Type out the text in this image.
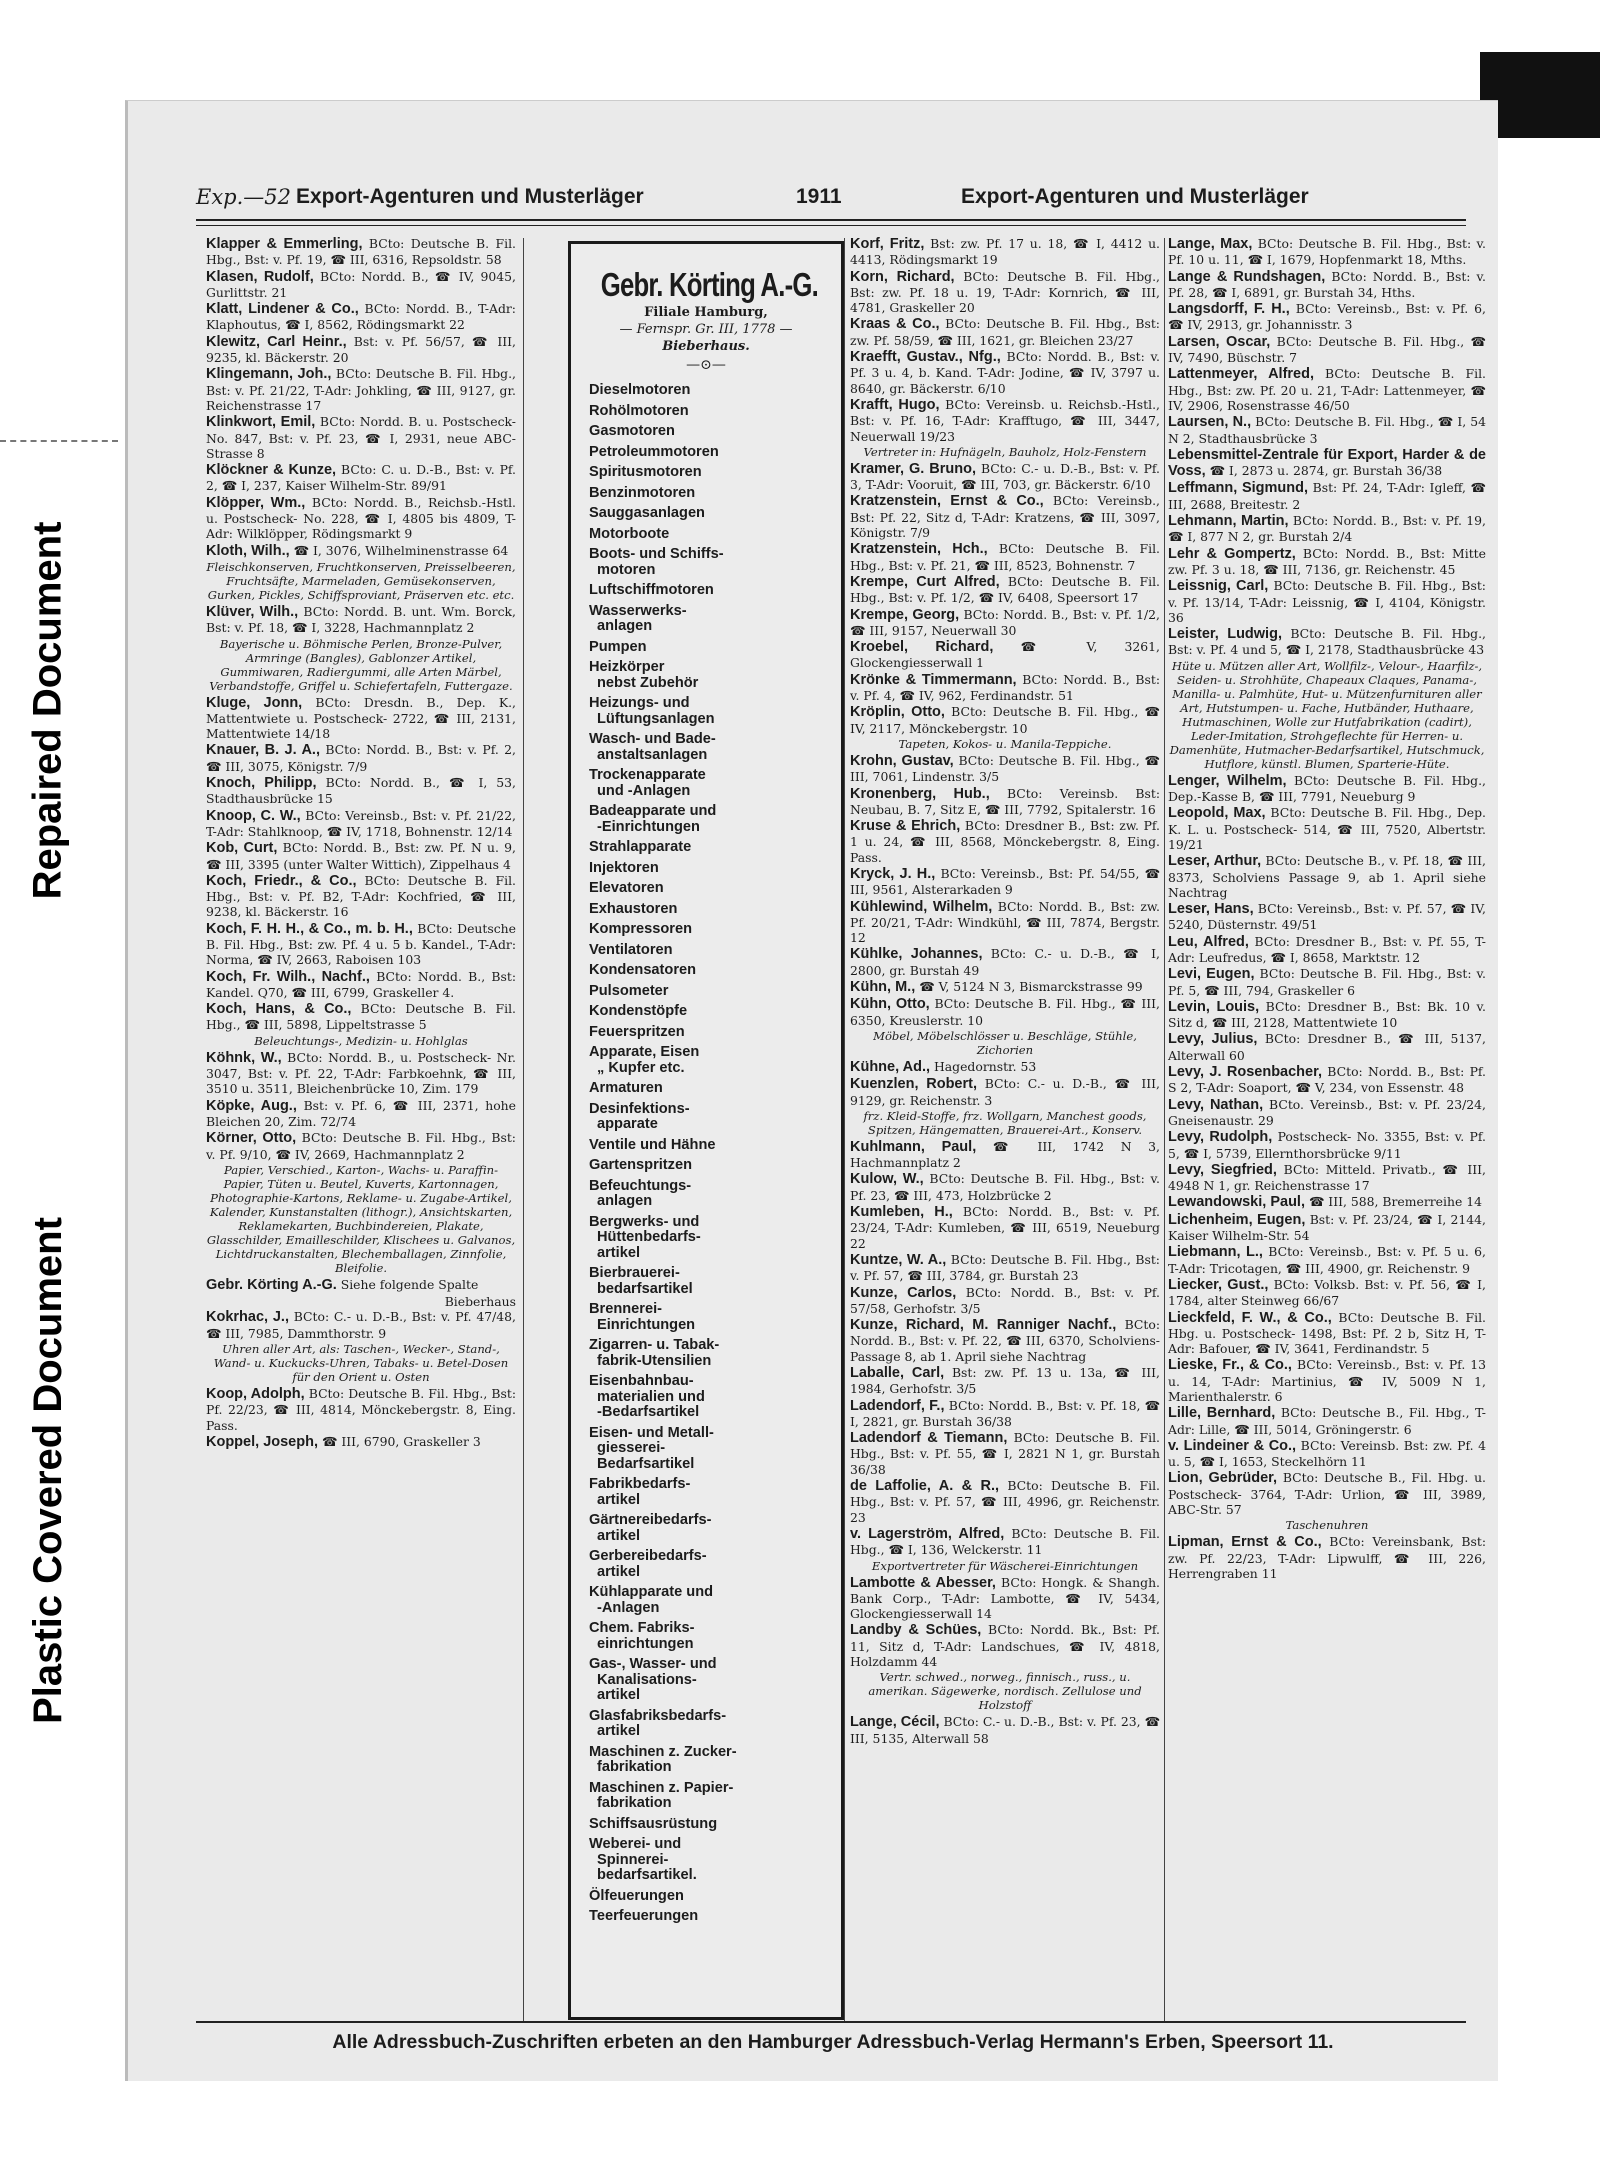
Repaired Document
Plastic Covered Document
Exp.—52 Export-Agenturen und Musterläger	1911	Export-Agenturen und Musterläger
Klapper & Emmerling, BCto: Deutsche B. Fil. Hbg., Bst: v. Pf. 19, ☎ III, 6316, Repsoldstr. 58
Klasen, Rudolf, BCto: Nordd. B., ☎ IV, 9045, Gurlittstr. 21
Klatt, Lindener & Co., BCto: Nordd. B., T-Adr: Klaphoutus, ☎ I, 8562, Rödingsmarkt 22
Klewitz, Carl Heinr., Bst: v. Pf. 56/57, ☎ III, 9235, kl. Bäckerstr. 20
Klingemann, Joh., BCto: Deutsche B. Fil. Hbg., Bst: v. Pf. 21/22, T-Adr: Johkling, ☎ III, 9127, gr. Reichenstrasse 17
Klinkwort, Emil, BCto: Nordd. B. u. Postscheck- No. 847, Bst: v. Pf. 23, ☎ I, 2931, neue ABC-Strasse 8
Klöckner & Kunze, BCto: C. u. D.-B., Bst: v. Pf. 2, ☎ I, 237, Kaiser Wilhelm-Str. 89/91
Klöpper, Wm., BCto: Nordd. B., Reichsb.-Hstl. u. Postscheck- No. 228, ☎ I, 4805 bis 4809, T-Adr: Wilklöpper, Rödingsmarkt 9
Kloth, Wilh., ☎ I, 3076, Wilhelminenstrasse 64
Fleischkonserven, Fruchtkonserven, Preisselbeeren, Fruchtsäfte, Marmeladen, Gemüsekonserven, Gurken, Pickles, Schiffsproviant, Präserven etc. etc.
Klüver, Wilh., BCto: Nordd. B. unt. Wm. Borck, Bst: v. Pf. 18, ☎ I, 3228, Hachmannplatz 2
Bayerische u. Böhmische Perlen, Bronze-Pulver, Armringe (Bangles), Gablonzer Artikel, Gummiwaren, Radiergummi, alle Arten Märbel, Verbandstoffe, Griffel u. Schiefertafeln, Futtergaze.
Kluge, Jonn, BCto: Dresdn. B., Dep. K., Mattentwiete u. Postscheck- 2722, ☎ III, 2131, Mattentwiete 14/18
Knauer, B. J. A., BCto: Nordd. B., Bst: v. Pf. 2, ☎ III, 3075, Königstr. 7/9
Knoch, Philipp, BCto: Nordd. B., ☎ I, 53, Stadthausbrücke 15
Knoop, C. W., BCto: Vereinsb., Bst: v. Pf. 21/22, T-Adr: Stahlknoop, ☎ IV, 1718, Bohnenstr. 12/14
Kob, Curt, BCto: Nordd. B., Bst: zw. Pf. N u. 9, ☎ III, 3395 (unter Walter Wittich), Zippelhaus 4
Koch, Friedr., & Co., BCto: Deutsche B. Fil. Hbg., Bst: v. Pf. B2, T-Adr: Kochfried, ☎ III, 9238, kl. Bäckerstr. 16
Koch, F. H. H., & Co., m. b. H., BCto: Deutsche B. Fil. Hbg., Bst: zw. Pf. 4 u. 5 b. Kandel., T-Adr: Norma, ☎ IV, 2663, Raboisen 103
Koch, Fr. Wilh., Nachf., BCto: Nordd. B., Bst: Kandel. Q70, ☎ III, 6799, Graskeller 4.
Koch, Hans, & Co., BCto: Deutsche B. Fil. Hbg., ☎ III, 5898, Lippeltstrasse 5
Beleuchtungs-, Medizin- u. Hohlglas
Köhnk, W., BCto: Nordd. B., u. Postscheck- Nr. 3047, Bst: v. Pf. 22, T-Adr: Farbkoehnk, ☎ III, 3510 u. 3511, Bleichenbrücke 10, Zim. 179
Köpke, Aug., Bst: v. Pf. 6, ☎ III, 2371, hohe Bleichen 20, Zim. 72/74
Körner, Otto, BCto: Deutsche B. Fil. Hbg., Bst: v. Pf. 9/10, ☎ IV, 2669, Hachmannplatz 2
Papier, Verschied., Karton-, Wachs- u. Paraffin-Papier, Tüten u. Beutel, Kuverts, Kartonnagen, Photographie-Kartons, Reklame- u. Zugabe-Artikel, Kalender, Kunstanstalten (lithogr.), Ansichtskarten, Reklamekarten, Buchbindereien, Plakate, Glasschilder, Emailleschilder, Klischees u. Galvanos, Lichtdruckanstalten, Blechemballagen, Zinnfolie, Bleifolie.
Gebr. Körting A.-G. Siehe folgende Spalte
Bieberhaus
Kokrhac, J., BCto: C.- u. D.-B., Bst: v. Pf. 47/48, ☎ III, 7985, Dammthorstr. 9
Uhren aller Art, als: Taschen-, Wecker-, Stand-, Wand- u. Kuckucks-Uhren, Tabaks- u. Betel-Dosen für den Orient u. Osten
Koop, Adolph, BCto: Deutsche B. Fil. Hbg., Bst: Pf. 22/23, ☎ III, 4814, Mönckebergstr. 8, Eing. Pass.
Koppel, Joseph, ☎ III, 6790, Graskeller 3
Gebr. Körting A.-G.
Filiale Hamburg,
— Fernspr. Gr. III, 1778 —
Bieberhaus.
—⊙—
Dieselmotoren
Rohölmotoren
Gasmotoren
Petroleummotoren
Spiritusmotoren
Benzinmotoren
Sauggasanlagen
Motorboote
Boots- und Schiffs-
motoren
Luftschiffmotoren
Wasserwerks-
anlagen
Pumpen
Heizkörper
nebst Zubehör
Heizungs- und
Lüftungsanlagen
Wasch- und Bade-
anstaltsanlagen
Trockenapparate
und -Anlagen
Badeapparate und
-Einrichtungen
Strahlapparate
Injektoren
Elevatoren
Exhaustoren
Kompressoren
Ventilatoren
Kondensatoren
Pulsometer
Kondenstöpfe
Feuerspritzen
Apparate, Eisen
„ Kupfer etc.
Armaturen
Desinfektions-
apparate
Ventile und Hähne
Gartenspritzen
Befeuchtungs-
anlagen
Bergwerks- und
Hüttenbedarfs-
artikel
Bierbrauerei-
bedarfsartikel
Brennerei-
Einrichtungen
Zigarren- u. Tabak-
fabrik-Utensilien
Eisenbahnbau-
materialien und
-Bedarfsartikel
Eisen- und Metall-
giesserei-
Bedarfsartikel
Fabrikbedarfs-
artikel
Gärtnereibedarfs-
artikel
Gerbereibedarfs-
artikel
Kühlapparate und
-Anlagen
Chem. Fabriks-
einrichtungen
Gas-, Wasser- und
Kanalisations-
artikel
Glasfabriksbedarfs-
artikel
Maschinen z. Zucker-
fabrikation
Maschinen z. Papier-
fabrikation
Schiffsausrüstung
Weberei- und
Spinnerei-
bedarfsartikel.
Ölfeuerungen
Teerfeuerungen
Korf, Fritz, Bst: zw. Pf. 17 u. 18, ☎ I, 4412 u. 4413, Rödingsmarkt 19
Korn, Richard, BCto: Deutsche B. Fil. Hbg., Bst: zw. Pf. 18 u. 19, T-Adr: Kornrich, ☎ III, 4781, Graskeller 20
Kraas & Co., BCto: Deutsche B. Fil. Hbg., Bst: zw. Pf. 58/59, ☎ III, 1621, gr. Bleichen 23/27
Kraefft, Gustav., Nfg., BCto: Nordd. B., Bst: v. Pf. 3 u. 4, b. Kand. T-Adr: Jodine, ☎ IV, 3797 u. 8640, gr. Bäckerstr. 6/10
Krafft, Hugo, BCto: Vereinsb. u. Reichsb.-Hstl., Bst: v. Pf. 16, T-Adr: Krafftugo, ☎ III, 3447, Neuerwall 19/23
Vertreter in: Hufnägeln, Bauholz, Holz-Fenstern
Kramer, G. Bruno, BCto: C.- u. D.-B., Bst: v. Pf. 3, T-Adr: Vooruit, ☎ III, 703, gr. Bäckerstr. 6/10
Kratzenstein, Ernst & Co., BCto: Vereinsb., Bst: Pf. 22, Sitz d, T-Adr: Kratzens, ☎ III, 3097, Königstr. 7/9
Kratzenstein, Hch., BCto: Deutsche B. Fil. Hbg., Bst: v. Pf. 21, ☎ III, 8523, Bohnenstr. 7
Krempe, Curt Alfred, BCto: Deutsche B. Fil. Hbg., Bst: v. Pf. 1/2, ☎ IV, 6408, Speersort 17
Krempe, Georg, BCto: Nordd. B., Bst: v. Pf. 1/2, ☎ III, 9157, Neuerwall 30
Kroebel, Richard, ☎ V, 3261, Glockengiesserwall 1
Krönke & Timmermann, BCto: Nordd. B., Bst: v. Pf. 4, ☎ IV, 962, Ferdinandstr. 51
Kröplin, Otto, BCto: Deutsche B. Fil. Hbg., ☎ IV, 2117, Mönckebergstr. 10
Tapeten, Kokos- u. Manila-Teppiche.
Krohn, Gustav, BCto: Deutsche B. Fil. Hbg., ☎ III, 7061, Lindenstr. 3/5
Kronenberg, Hub., BCto: Vereinsb. Bst: Neubau, B. 7, Sitz E, ☎ III, 7792, Spitalerstr. 16
Kruse & Ehrich, BCto: Dresdner B., Bst: zw. Pf. 1 u. 24, ☎ III, 8568, Mönckebergstr. 8, Eing. Pass.
Kryck, J. H., BCto: Vereinsb., Bst: Pf. 54/55, ☎ III, 9561, Alsterarkaden 9
Kühlewind, Wilhelm, BCto: Nordd. B., Bst: zw. Pf. 20/21, T-Adr: Windkühl, ☎ III, 7874, Bergstr. 12
Kühlke, Johannes, BCto: C.- u. D.-B., ☎ I, 2800, gr. Burstah 49
Kühn, M., ☎ V, 5124 N 3, Bismarckstrasse 99
Kühn, Otto, BCto: Deutsche B. Fil. Hbg., ☎ III, 6350, Kreuslerstr. 10
Möbel, Möbelschlösser u. Beschläge, Stühle, Zichorien
Kühne, Ad., Hagedornstr. 53
Kuenzlen, Robert, BCto: C.- u. D.-B., ☎ III, 9129, gr. Reichenstr. 3
frz. Kleid-Stoffe, frz. Wollgarn, Manchest goods, Spitzen, Hängematten, Brauerei-Art., Konserv.
Kuhlmann, Paul, ☎ III, 1742 N 3, Hachmannplatz 2
Kulow, W., BCto: Deutsche B. Fil. Hbg., Bst: v. Pf. 23, ☎ III, 473, Holzbrücke 2
Kumleben, H., BCto: Nordd. B., Bst: v. Pf. 23/24, T-Adr: Kumleben, ☎ III, 6519, Neueburg 22
Kuntze, W. A., BCto: Deutsche B. Fil. Hbg., Bst: v. Pf. 57, ☎ III, 3784, gr. Burstah 23
Kunze, Carlos, BCto: Nordd. B., Bst: v. Pf. 57/58, Gerhofstr. 3/5
Kunze, Richard, M. Ranniger Nachf., BCto: Nordd. B., Bst: v. Pf. 22, ☎ III, 6370, Scholviens-Passage 8, ab 1. April siehe Nachtrag
Laballe, Carl, Bst: zw. Pf. 13 u. 13a, ☎ III, 1984, Gerhofstr. 3/5
Ladendorf, F., BCto: Nordd. B., Bst: v. Pf. 18, ☎ I, 2821, gr. Burstah 36/38
Ladendorf & Tiemann, BCto: Deutsche B. Fil. Hbg., Bst: v. Pf. 55, ☎ I, 2821 N 1, gr. Burstah 36/38
de Laffolie, A. & R., BCto: Deutsche B. Fil. Hbg., Bst: v. Pf. 57, ☎ III, 4996, gr. Reichenstr. 23
v. Lagerström, Alfred, BCto: Deutsche B. Fil. Hbg., ☎ I, 136, Welckerstr. 11
Exportvertreter für Wäscherei-Einrichtungen
Lambotte & Abesser, BCto: Hongk. & Shangh. Bank Corp., T-Adr: Lambotte, ☎ IV, 5434, Glockengiesserwall 14
Landby & Schües, BCto: Nordd. Bk., Bst: Pf. 11, Sitz d, T-Adr: Landschues, ☎ IV, 4818, Holzdamm 44
Vertr. schwed., norweg., finnisch., russ., u. amerikan. Sägewerke, nordisch. Zellulose und Holzstoff
Lange, Cécil, BCto: C.- u. D.-B., Bst: v. Pf. 23, ☎ III, 5135, Alterwall 58
Lange, Max, BCto: Deutsche B. Fil. Hbg., Bst: v. Pf. 10 u. 11, ☎ I, 1679, Hopfenmarkt 18, Mths.
Lange & Rundshagen, BCto: Nordd. B., Bst: v. Pf. 28, ☎ I, 6891, gr. Burstah 34, Hths.
Langsdorff, F. H., BCto: Vereinsb., Bst: v. Pf. 6, ☎ IV, 2913, gr. Johannisstr. 3
Larsen, Oscar, BCto: Deutsche B. Fil. Hbg., ☎ IV, 7490, Büschstr. 7
Lattenmeyer, Alfred, BCto: Deutsche B. Fil. Hbg., Bst: zw. Pf. 20 u. 21, T-Adr: Lattenmeyer, ☎ IV, 2906, Rosenstrasse 46/50
Laursen, N., BCto: Deutsche B. Fil. Hbg., ☎ I, 54 N 2, Stadthausbrücke 3
Lebensmittel-Zentrale für Export, Harder & de Voss, ☎ I, 2873 u. 2874, gr. Burstah 36/38
Leffmann, Sigmund, Bst: Pf. 24, T-Adr: Igleff, ☎ III, 2688, Breitestr. 2
Lehmann, Martin, BCto: Nordd. B., Bst: v. Pf. 19, ☎ I, 877 N 2, gr. Burstah 2/4
Lehr & Gompertz, BCto: Nordd. B., Bst: Mitte zw. Pf. 3 u. 18, ☎ III, 7136, gr. Reichenstr. 45
Leissnig, Carl, BCto: Deutsche B. Fil. Hbg., Bst: v. Pf. 13/14, T-Adr: Leissnig, ☎ I, 4104, Königstr. 36
Leister, Ludwig, BCto: Deutsche B. Fil. Hbg., Bst: v. Pf. 4 und 5, ☎ I, 2178, Stadthausbrücke 43
Hüte u. Mützen aller Art, Wollfilz-, Velour-, Haarfilz-, Seiden- u. Strohhüte, Chapeaux Claques, Panama-, Manilla- u. Palmhüte, Hut- u. Mützenfurnituren aller Art, Hutstumpen- u. Fache, Hutbänder, Huthaare, Hutmaschinen, Wolle zur Hutfabrikation (cadirt), Leder-Imitation, Strohgeflechte für Herren- u. Damenhüte, Hutmacher-Bedarfsartikel, Hutschmuck, Hutflore, künstl. Blumen, Sparterie-Hüte.
Lenger, Wilhelm, BCto: Deutsche B. Fil. Hbg., Dep.-Kasse B, ☎ III, 7791, Neueburg 9
Leopold, Max, BCto: Deutsche B. Fil. Hbg., Dep. K. L. u. Postscheck- 514, ☎ III, 7520, Albertstr. 19/21
Leser, Arthur, BCto: Deutsche B., v. Pf. 18, ☎ III, 8373, Scholviens Passage 9, ab 1. April siehe Nachtrag
Leser, Hans, BCto: Vereinsb., Bst: v. Pf. 57, ☎ IV, 5240, Düsternstr. 49/51
Leu, Alfred, BCto: Dresdner B., Bst: v. Pf. 55, T-Adr: Leufredus, ☎ I, 8658, Marktstr. 12
Levi, Eugen, BCto: Deutsche B. Fil. Hbg., Bst: v. Pf. 5, ☎ III, 794, Graskeller 6
Levin, Louis, BCto: Dresdner B., Bst: Bk. 10 v. Sitz d, ☎ III, 2128, Mattentwiete 10
Levy, Julius, BCto: Dresdner B., ☎ III, 5137, Alterwall 60
Levy, J. Rosenbacher, BCto: Nordd. B., Bst: Pf. S 2, T-Adr: Soaport, ☎ V, 234, von Essenstr. 48
Levy, Nathan, BCto. Vereinsb., Bst: v. Pf. 23/24, Gneisenaustr. 29
Levy, Rudolph, Postscheck- No. 3355, Bst: v. Pf. 5, ☎ I, 5739, Ellernthorsbrücke 9/11
Levy, Siegfried, BCto: Mitteld. Privatb., ☎ III, 4948 N 1, gr. Reichenstrasse 17
Lewandowski, Paul, ☎ III, 588, Bremerreihe 14
Lichenheim, Eugen, Bst: v. Pf. 23/24, ☎ I, 2144, Kaiser Wilhelm-Str. 54
Liebmann, L., BCto: Vereinsb., Bst: v. Pf. 5 u. 6, T-Adr: Tricotagen, ☎ III, 4900, gr. Reichenstr. 9
Liecker, Gust., BCto: Volksb. Bst: v. Pf. 56, ☎ I, 1784, alter Steinweg 66/67
Lieckfeld, F. W., & Co., BCto: Deutsche B. Fil. Hbg. u. Postscheck- 1498, Bst: Pf. 2 b, Sitz H, T-Adr: Bafouer, ☎ IV, 3641, Ferdinandstr. 5
Lieske, Fr., & Co., BCto: Vereinsb., Bst: v. Pf. 13 u. 14, T-Adr: Martinius, ☎ IV, 5009 N 1, Marienthalerstr. 6
Lille, Bernhard, BCto: Deutsche B., Fil. Hbg., T-Adr: Lille, ☎ III, 5014, Gröningerstr. 6
v. Lindeiner & Co., BCto: Vereinsb. Bst: zw. Pf. 4 u. 5, ☎ I, 1653, Steckelhörn 11
Lion, Gebrüder, BCto: Deutsche B., Fil. Hbg. u. Postscheck- 3764, T-Adr: Urlion, ☎ III, 3989, ABC-Str. 57
Taschenuhren
Lipman, Ernst & Co., BCto: Vereinsbank, Bst: zw. Pf. 22/23, T-Adr: Lipwulff, ☎ III, 226, Herrengraben 11
Alle Adressbuch-Zuschriften erbeten an den Hamburger Adressbuch-Verlag Hermann's Erben, Speersort 11.
